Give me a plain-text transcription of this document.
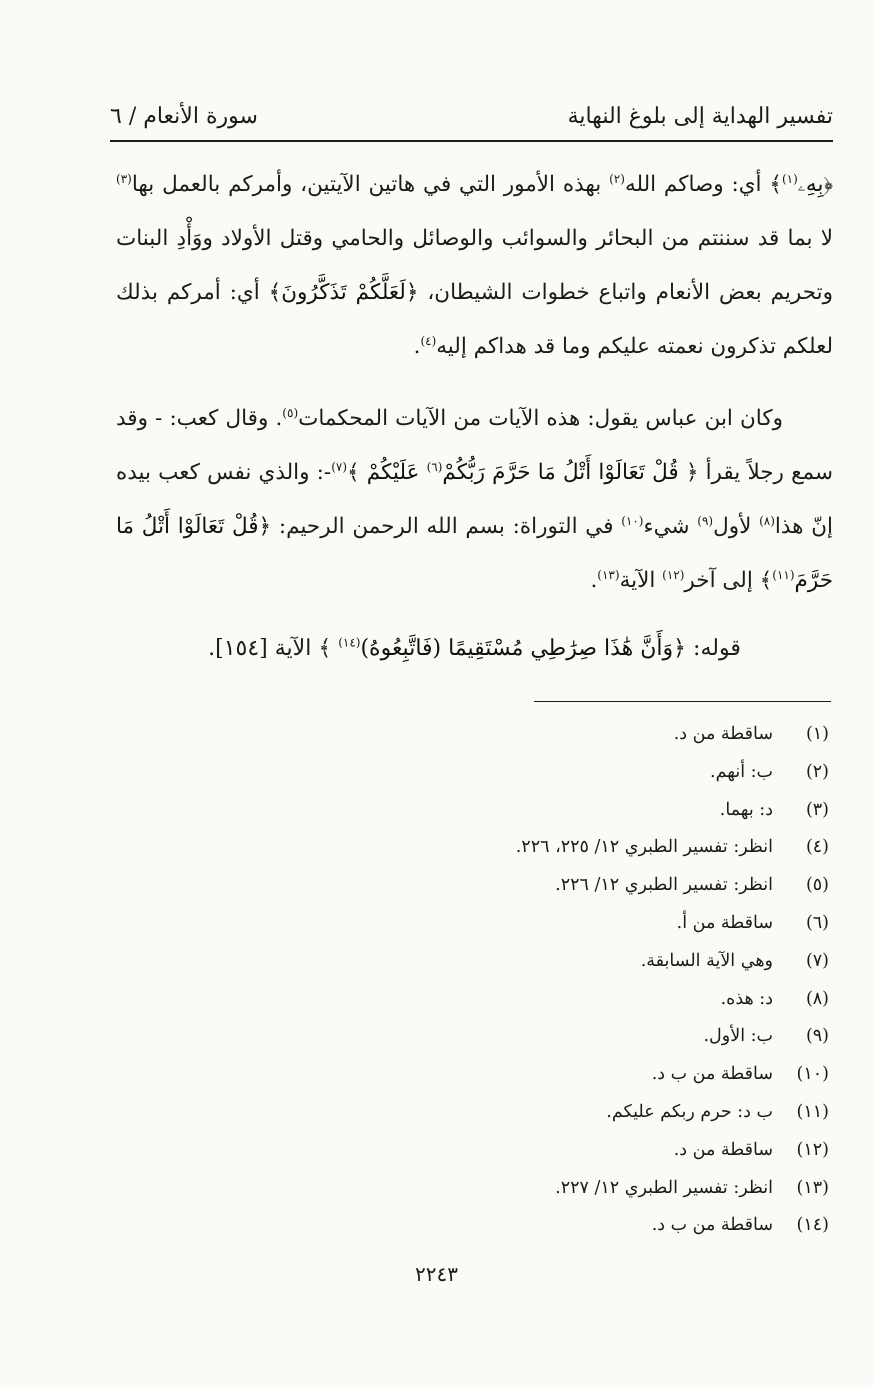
تفسير الهداية إلى بلوغ النهاية
سورة الأنعام / ٦

﴿بِهِۦ$^{(١)}$﴾ أي: وصاكم الله$^{(٢)}$ بهذه الأمور التي في هاتين الآيتين، وأمركم بالعمل بها$^{(٣)}$ لا بما قد سننتم من البحائر والسوائب والوصائل والحامي وقتل الأولاد ووَأْدِ البنات وتحريم بعض الأنعام واتباع خطوات الشيطان، ﴿لَعَلَّكُمْ تَذَكَّرُونَ﴾ أي: أمركم بذلك لعلكم تذكرون نعمته عليكم وما قد هداكم إليه$^{(٤)}$.

وكان ابن عباس يقول: هذه الآيات من الآيات المحكمات$^{(٥)}$. وقال كعب: - وقد سمع رجلاً يقرأ ﴿ قُلْ تَعَالَوْا أَتْلُ مَا حَرَّمَ رَبُّكُمْ$^{(٦)}$ عَلَيْكُمْ ﴾$^{(٧)}$-: والذي نفس كعب بيده إنّ هذا$^{(٨)}$ لأول$^{(٩)}$ شيء$^{(١٠)}$ في التوراة: بسم الله الرحمن الرحيم: ﴿قُلْ تَعَالَوْا أَتْلُ مَا حَرَّمَ$^{(١١)}$﴾ إلى آخر$^{(١٢)}$ الآية$^{(١٣)}$.

قوله: ﴿وَأَنَّ هَٰذَا صِرَٰطِي مُسْتَقِيمًا (فَاتَّبِعُوهُ)$^{(١٤)}$ ﴾ الآية [١٥٤].

(١)
ساقطة من د.
(٢)
ب: أنهم.
(٣)
د: بهما.
(٤)
انظر: تفسير الطبري ١٢/ ٢٢٥، ٢٢٦.
(٥)
انظر: تفسير الطبري ١٢/ ٢٢٦.
(٦)
ساقطة من أ.
(٧)
وهي الآية السابقة.
(٨)
د: هذه.
(٩)
ب: الأول.
(١٠)
ساقطة من ب د.
(١١)
ب د: حرم ربكم عليكم.
(١٢)
ساقطة من د.
(١٣)
انظر: تفسير الطبري ١٢/ ٢٢٧.
(١٤)
ساقطة من ب د.
٢٢٤٣
